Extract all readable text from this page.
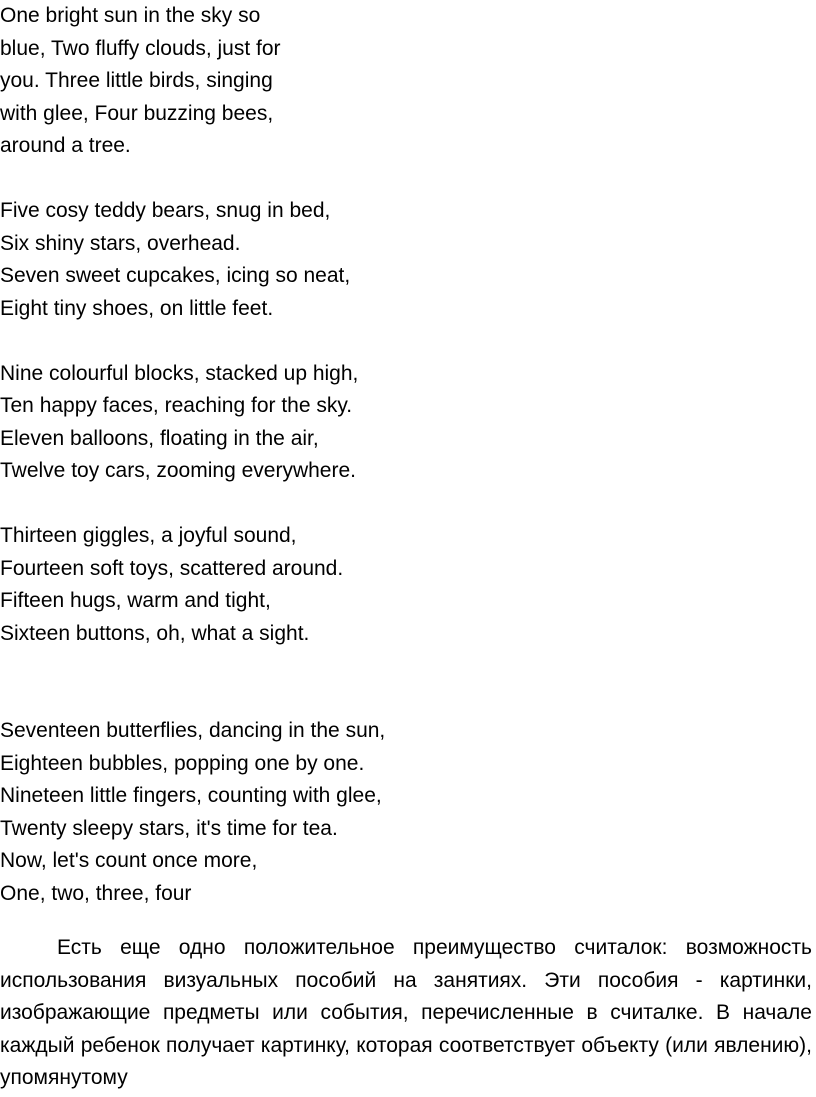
One bright sun in the sky so

blue, Two fluffy clouds, just for

you. Three little birds, singing

with glee, Four buzzing bees,

around a tree.

Five cosy teddy bears, snug in bed,

Six shiny stars, overhead.

Seven sweet cupcakes, icing so neat,

Eight tiny shoes, on little feet.

Nine colourful blocks, stacked up high,

Ten happy faces, reaching for the sky.

Eleven balloons, floating in the air,

Twelve toy cars, zooming everywhere.

Thirteen giggles, a joyful sound,

Fourteen soft toys, scattered around.

Fifteen hugs, warm and tight,

Sixteen buttons, oh, what a sight.

Seventeen butterflies, dancing in the sun,

Eighteen bubbles, popping one by one.

Nineteen little fingers, counting with glee,

Twenty sleepy stars, it's time for tea.

Now, let's count once more,

One, two, three, four

Есть еще одно положительное преимущество считалок: возможность использования визуальных пособий на занятиях. Эти пособия - картинки, изображающие предметы или события, перечисленные в считалке. В начале каждый ребенок получает картинку, которая соответствует объекту (или явлению), упомянутому
